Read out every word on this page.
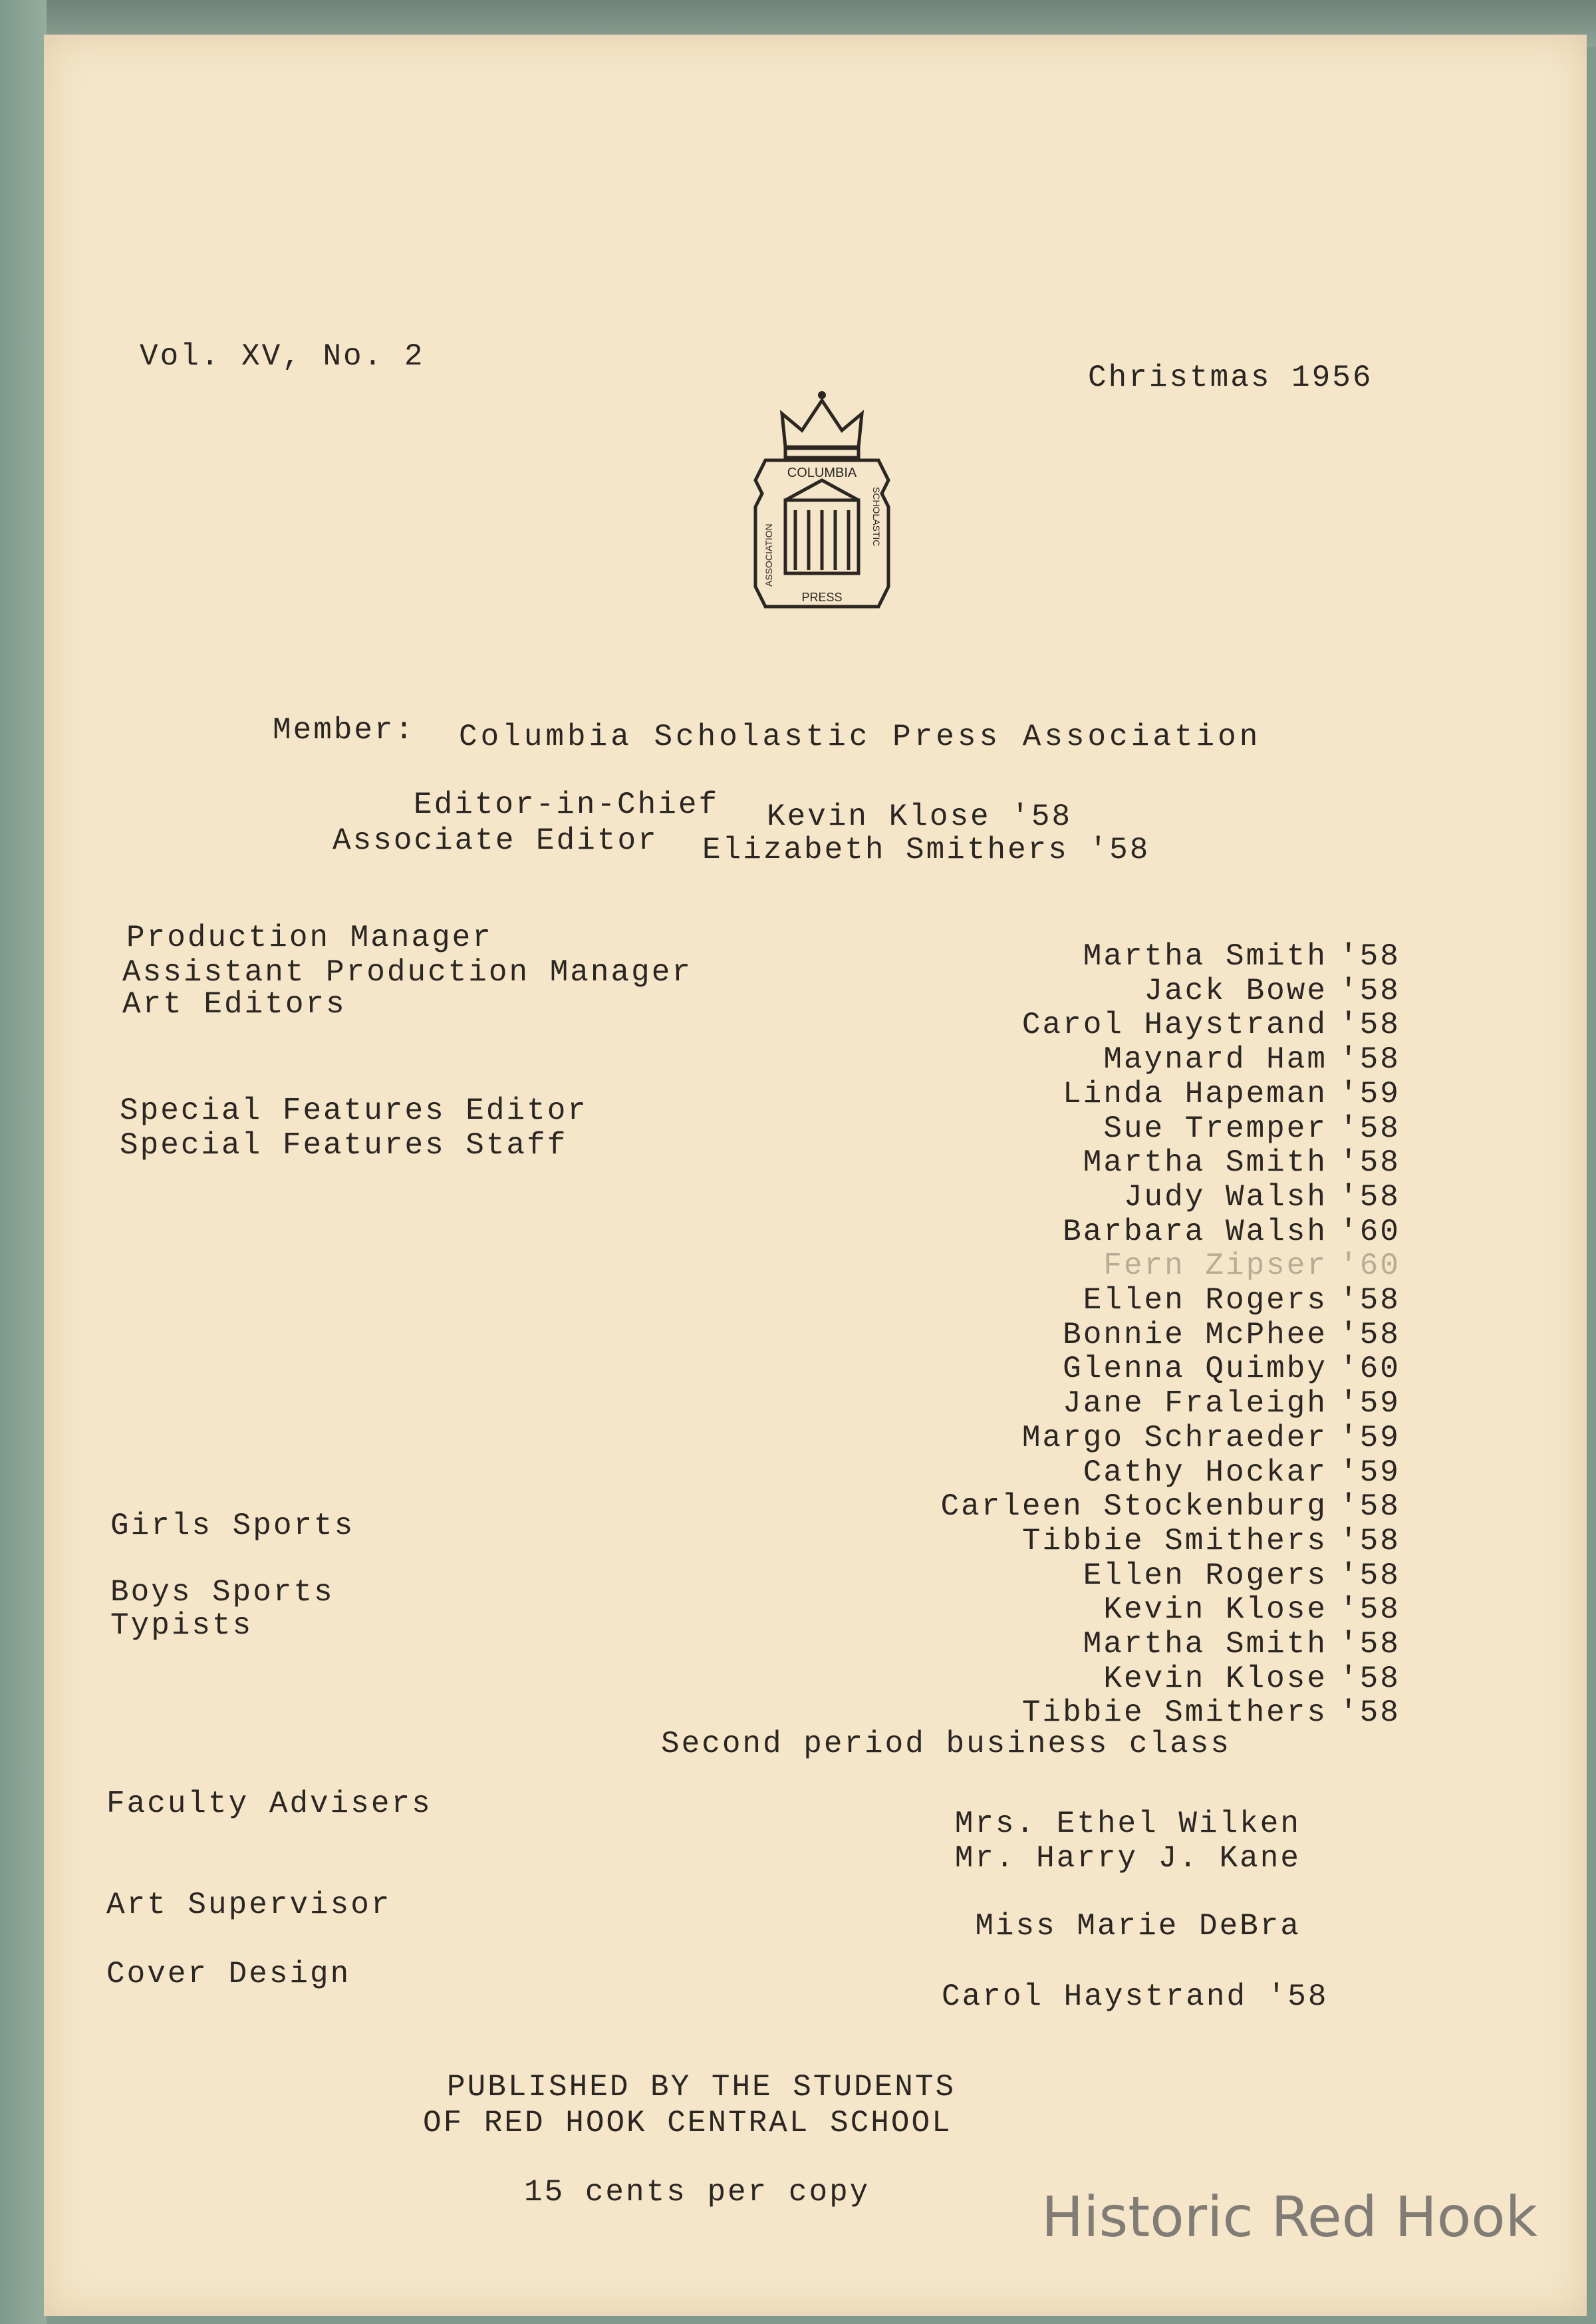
Vol. XV, No. 2
Christmas 1956
COLUMBIA
PRESS
ASSOCIATION
SCHOLASTIC
Member: Columbia Scholastic Press Association
Editor-in-Chief Kevin Klose '58
Associate Editor Elizabeth Smithers '58
Production Manager
Assistant Production Manager
Art Editors
Special Features Editor
Special Features Staff
Girls Sports
Boys Sports
Typists
Faculty Advisers
Art Supervisor
Cover Design
Martha Smith '58
Jack Bowe '58
Carol Haystrand '58
Maynard Ham '58
Linda Hapeman '59
Sue Tremper '58
Martha Smith '58
Judy Walsh '58
Barbara Walsh '60
Fern Zipser '60
Ellen Rogers '58
Bonnie McPhee '58
Glenna Quimby '60
Jane Fraleigh '59
Margo Schraeder '59
Cathy Hockar '59
Carleen Stockenburg '58
Tibbie Smithers '58
Ellen Rogers '58
Kevin Klose '58
Martha Smith '58
Kevin Klose '58
Tibbie Smithers '58
Second period business class
Mrs. Ethel Wilken
Mr. Harry J. Kane
Miss Marie DeBra
Carol Haystrand '58
PUBLISHED BY THE STUDENTS
OF RED HOOK CENTRAL SCHOOL
15 cents per copy	Historic Red Hook
